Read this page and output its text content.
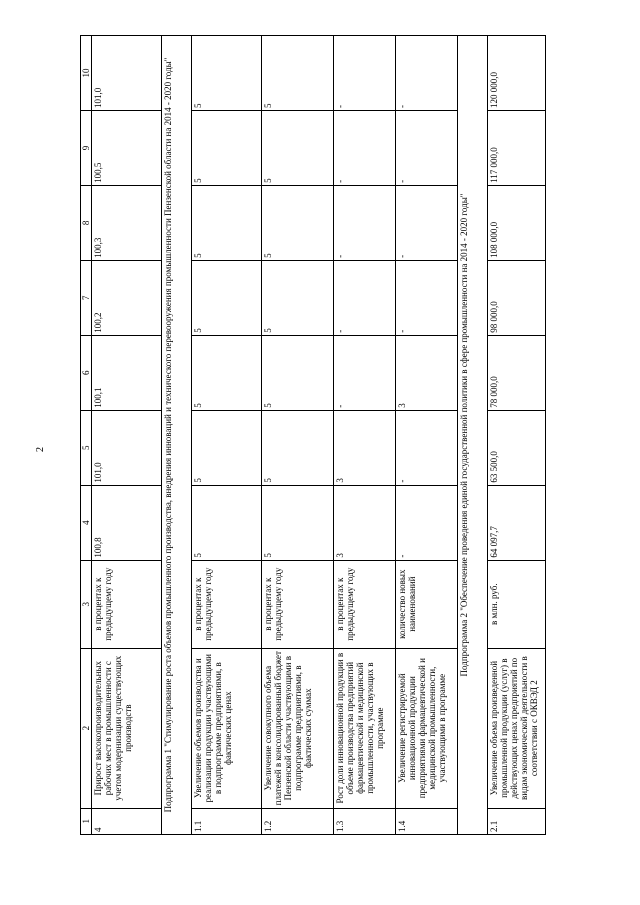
2
1	2	3	4	5	6	7	8	9	10
4	Прирост высокопроизводительных рабочих мест в промышленности с учетом модернизации существующих производств	в процентах к предыдущему году	100,8	101,0	100,1	100,2	100,3	100,5	101,0
Подпрограмма 1 "Стимулирование роста объемов промышленного производства, внедрения инноваций и технического перевооружения промышленности Пензенской области на 2014 - 2020 годы"									
1.1	Увеличение объемов производства и реализации продукции участвующими в подпрограмме предприятиями, в фактических ценах	в процентах к предыдущему году	5	5	5	5	5	5	5
1.2	Увеличение совокупного объема платежей в консолидированный бюджет Пензенской области участвующими в подпрограмме предприятиями, в фактических суммах	в процентах к предыдущему году	5	5	5	5	5	5	5
1.3	Рост доли инновационной продукции в объеме производства предприятий фармацевтической и медицинской промышленности, участвующих в программе	в процентах к предыдущему году	3	3	-	-	-	-	-
1.4	Увеличение регистрируемой инновационной продукции предприятиями фармацевтической и медицинской промышленности, участвующими в программе	количество новых наименований	-	-	3	-	-	-	-
Подпрограмма 2 "Обеспечение проведения единой государственной политики в сфере промышленности на 2014 - 2020 годы"									
2.1	Увеличение объема произведенной промышленной продукции (услуг) в действующих ценах предприятий по видам экономической деятельности в соответствии с ОКВЭД 2	в млн. руб.	64 097,7	63 500,0	78 000,0	98 000,0	108 000,0	117 000,0	120 000,0
